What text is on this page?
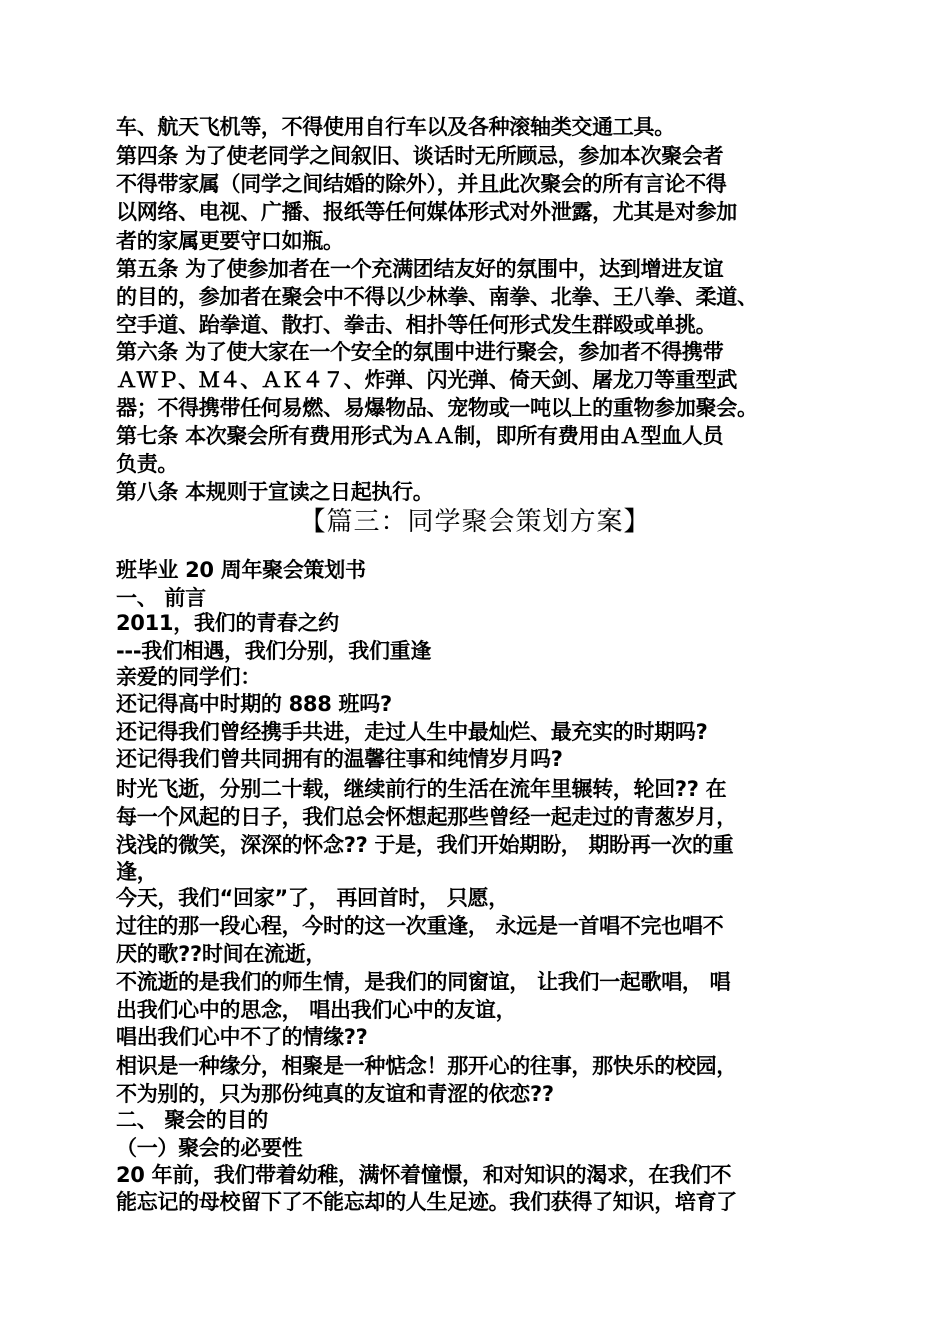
车、航天飞机等，不得使用自行车以及各种滚轴类交通工具。
第四条 为了使老同学之间叙旧、谈话时无所顾忌，参加本次聚会者
不得带家属（同学之间结婚的除外），并且此次聚会的所有言论不得
以网络、电视、广播、报纸等任何媒体形式对外泄露，尤其是对参加
者的家属更要守口如瓶。
第五条 为了使参加者在一个充满团结友好的氛围中，达到增进友谊
的目的，参加者在聚会中不得以少林拳、南拳、北拳、王八拳、柔道、
空手道、跆拳道、散打、拳击、相扑等任何形式发生群殴或单挑。
第六条 为了使大家在一个安全的氛围中进行聚会，参加者不得携带
ＡＷＰ、Ｍ４、ＡＫ４７、炸弹、闪光弹、倚天剑、屠龙刀等重型武
器；不得携带任何易燃、易爆物品、宠物或一吨以上的重物参加聚会。
第七条 本次聚会所有费用形式为ＡＡ制，即所有费用由Ａ型血人员
负责。
第八条 本规则于宣读之日起执行。
【篇三：同学聚会策划方案】
班毕业 20 周年聚会策划书
一、 前言
2011，我们的青春之约
---我们相遇，我们分别，我们重逢
亲爱的同学们：
还记得高中时期的 888 班吗?
还记得我们曾经携手共进，走过人生中最灿烂、最充实的时期吗?
还记得我们曾共同拥有的温馨往事和纯情岁月吗?
时光飞逝，分别二十载，继续前行的生活在流年里辗转，轮回?? 在
每一个风起的日子，我们总会怀想起那些曾经一起走过的青葱岁月，
浅浅的微笑，深深的怀念?? 于是，我们开始期盼， 期盼再一次的重
逢，
今天，我们“回家”了， 再回首时， 只愿，
过往的那一段心程，今时的这一次重逢， 永远是一首唱不完也唱不
厌的歌??时间在流逝，
不流逝的是我们的师生情，是我们的同窗谊， 让我们一起歌唱， 唱
出我们心中的思念， 唱出我们心中的友谊，
唱出我们心中不了的情缘??
相识是一种缘分，相聚是一种惦念！那开心的往事，那快乐的校园，
不为别的，只为那份纯真的友谊和青涩的依恋??
二、 聚会的目的
（一）聚会的必要性
20 年前，我们带着幼稚，满怀着憧憬，和对知识的渴求，在我们不
能忘记的母校留下了不能忘却的人生足迹。我们获得了知识，培育了
